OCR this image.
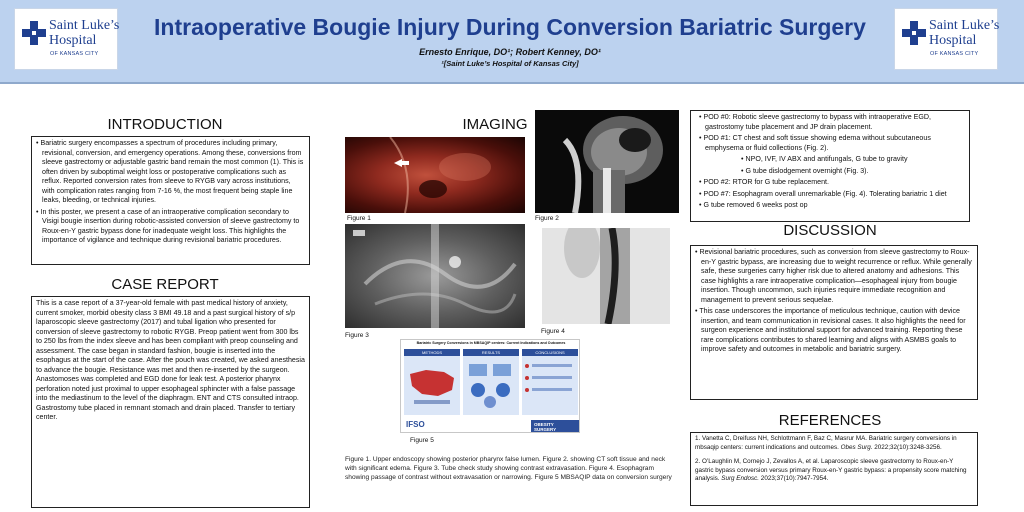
Saint Luke’s
Hospital
OF KANSAS CITY
Intraoperative Bougie Injury During Conversion Bariatric Surgery
Ernesto Enrique, DO¹; Robert Kenney, DO¹
¹[Saint Luke’s Hospital of Kansas City]
Saint Luke’s
Hospital
OF KANSAS CITY
INTRODUCTION
• Bariatric surgery encompasses a spectrum of procedures including primary, revisional, conversion, and emergency operations. Among these, conversions from sleeve gastrectomy or adjustable gastric band remain the most common (1). This is often driven by suboptimal weight loss or postoperative complications such as reflux. Reported conversion rates from sleeve to RYGB vary across institutions, with complication rates ranging from 7-16 %, the most frequent being staple line leaks, bleeding, or technical injuries.
• In this poster, we present a case of an intraoperative complication secondary to Visigi bougie insertion during robotic-assisted conversion of sleeve gastrectomy to Roux-en-Y gastric bypass done for inadequate weight loss. This highlights the importance of vigilance and technique during revisional bariatric procedures.
CASE REPORT

This is a case report of a 37-year-old female with past medical history of anxiety, current smoker, morbid obesity class 3 BMI 49.18 and a past surgical history of s/p laparoscopic sleeve gastrectomy (2017) and tubal ligation who presented for conversion of sleeve gastrectomy to robotic RYGB. Preop patient went from 300 lbs to 250 lbs from the index sleeve and has been compliant with preop counseling and assessment. The case began in standard fashion, bougie is inserted into the esophagus at the start of the case. After the pouch was created, we asked anesthesia to advance the bougie. Resistance was met and then re-inserted by the surgeon. Anastomoses was completed and EGD done for leak test. A posterior pharynx perforation noted just proximal to upper esophageal sphincter with a false passage into the mediastinum to the level of the diaphragm. ENT and CTS consulted intraop. Gastrostomy tube placed in remnant stomach and drain placed. Transfer to tertiary center.

IMAGING
Figure 1	Figure 2
Figure 3
Figure 4
Bariatric Surgery Conversions in MBSAQIP centers: Current Indications and Outcomes
METHODS	RESULTS	CONCLUSIONS
IFSO	OBESITY SURGERY
Figure 5
Figure 1. Upper endoscopy showing posterior pharynx false lumen. Figure 2. showing CT soft tissue and neck with significant edema. Figure 3. Tube check study showing contrast extravasation. Figure 4. Esophagram showing passage of contrast without extravasation or narrowing. Figure 5 MBSAQIP data on conversion surgery
• POD #0: Robotic sleeve gastrectomy to bypass with intraoperative EGD, gastrostomy tube placement and JP drain placement.
• POD #1: CT chest and soft tissue showing edema without subcutaneous emphysema or fluid collections (Fig. 2).
• NPO, IVF, IV ABX and antifungals, G tube to gravity
• G tube dislodgement overnight (Fig. 3).
• POD #2: RTOR for G tube replacement.
• POD #7: Esophagram overall unremarkable (Fig. 4). Tolerating bariatric 1 diet
• G tube removed 6 weeks post op
DISCUSSION
• Revisional bariatric procedures, such as conversion from sleeve gastrectomy to Roux-en-Y gastric bypass, are increasing due to weight recurrence or reflux. While generally safe, these surgeries carry higher risk due to altered anatomy and adhesions. This case highlights a rare intraoperative complication—esophageal injury from bougie insertion. Though uncommon, such injuries require immediate recognition and management to prevent serious sequelae.
• This case underscores the importance of meticulous technique, caution with device insertion, and team communication in revisional cases. It also highlights the need for surgeon experience and institutional support for advanced training. Reporting these rare complications contributes to shared learning and aligns with ASMBS goals to improve safety and outcomes in metabolic and bariatric surgery.
REFERENCES
1. Vanetta C, Dreifuss NH, Schlottmann F, Baz C, Masrur MA. Bariatric surgery conversions in mbsaqip centers: current indications and outcomes. Obes Surg. 2022;32(10):3248-3256.
2. O’Laughlin M, Cornejo J, Zevallos A, et al. Laparoscopic sleeve gastrectomy to Roux-en-Y gastric bypass conversion versus primary Roux-en-Y gastric bypass: a propensity score matching analysis. Surg Endosc. 2023;37(10):7947-7954.
